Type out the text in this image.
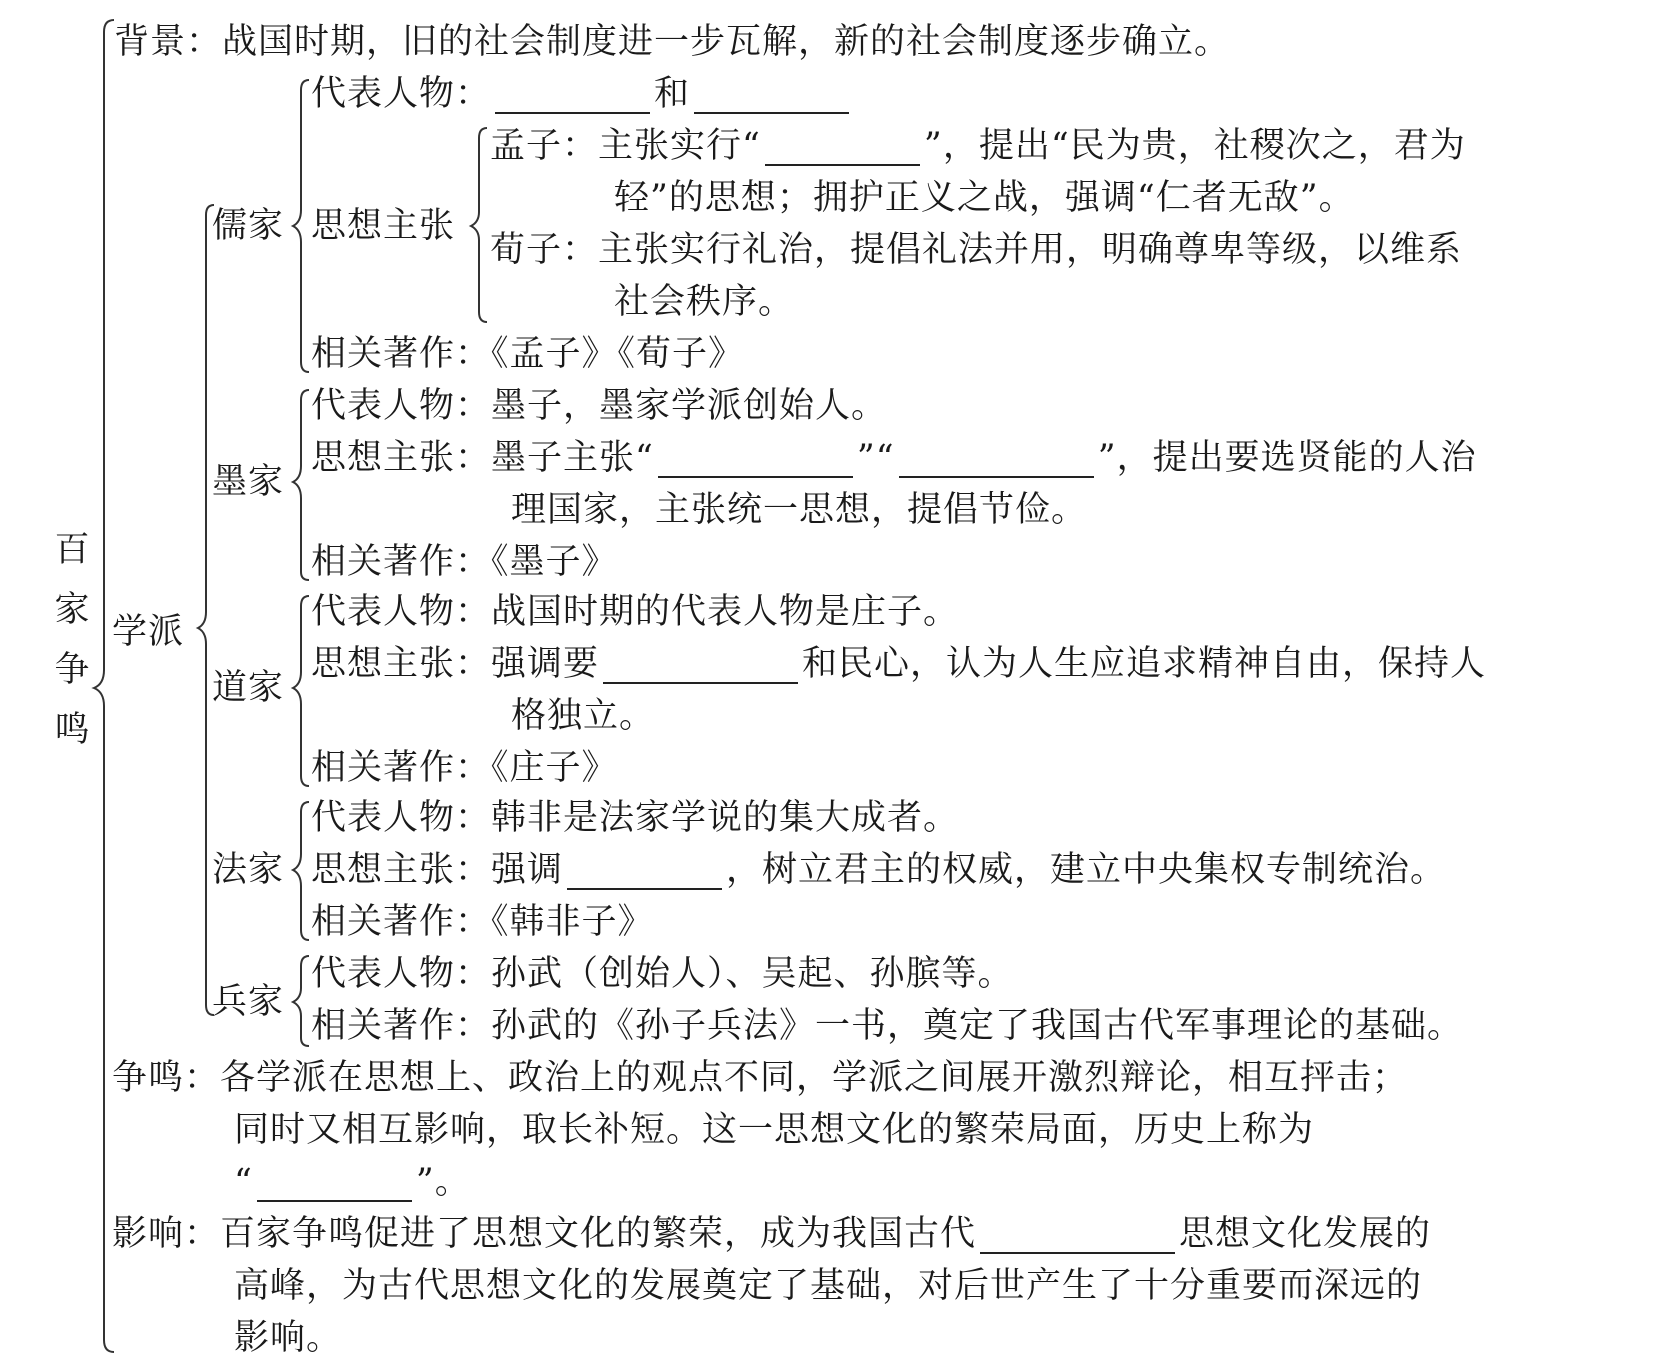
百
家
争
鸣
背景：战国时期，旧的社会制度进一步瓦解，新的社会制度逐步确立。
学派
儒家
代表人物：	和
思想主张
孟子：主张实行“	”，提出“民为贵，社稷次之，君为
轻”的思想；拥护正义之战，强调“仁者无敌”。
荀子：主张实行礼治，提倡礼法并用，明确尊卑等级，以维系
社会秩序。
相关著作：《孟子》《荀子》
墨家
代表人物：墨子，墨家学派创始人。
思想主张：墨子主张“	”“	”，提出要选贤能的人治
理国家，主张统一思想，提倡节俭。
相关著作：《墨子》
道家
代表人物：战国时期的代表人物是庄子。
思想主张：强调要	和民心，认为人生应追求精神自由，保持人
格独立。
相关著作：《庄子》
法家
代表人物：韩非是法家学说的集大成者。
思想主张：强调	，树立君主的权威，建立中央集权专制统治。
相关著作：《韩非子》
兵家
代表人物：孙武（创始人）、吴起、孙膑等。
相关著作：孙武的《孙子兵法》一书，奠定了我国古代军事理论的基础。
争鸣：各学派在思想上、政治上的观点不同，学派之间展开激烈辩论，相互抨击；
同时又相互影响，取长补短。这一思想文化的繁荣局面，历史上称为
“	”。
影响：百家争鸣促进了思想文化的繁荣，成为我国古代	思想文化发展的
高峰，为古代思想文化的发展奠定了基础，对后世产生了十分重要而深远的
影响。
